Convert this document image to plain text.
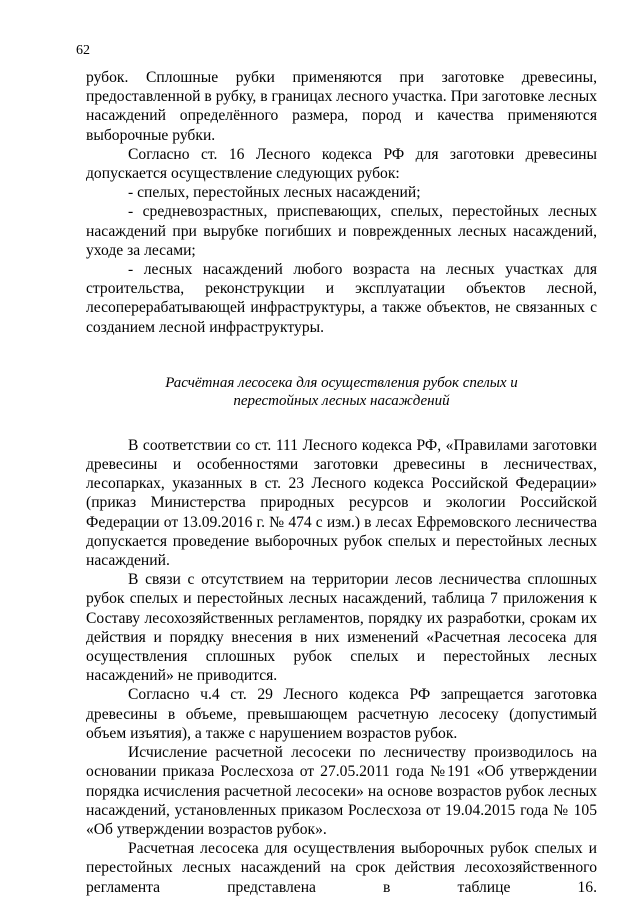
62

рубок. Сплошные рубки применяются при заготовке древесины, предоставленной в рубку, в границах лесного участка. При заготовке лесных насаждений определённого размера, пород и качества применяются выборочные рубки.

Согласно ст. 16 Лесного кодекса РФ для заготовки древесины допускается осуществление следующих рубок:

- спелых, перестойных лесных насаждений;

- средневозрастных, приспевающих, спелых, перестойных лесных насаждений при вырубке погибших и поврежденных лесных насаждений, уходе за лесами;

- лесных насаждений любого возраста на лесных участках для строительства, реконструкции и эксплуатации объектов лесной, лесоперерабатывающей инфраструктуры, а также объектов, не связанных с созданием лесной инфраструктуры.

Расчётная лесосека для осуществления рубок спелых и
перестойных лесных насаждений

В соответствии со ст. 111 Лесного кодекса РФ, «Правилами заготовки древесины и особенностями заготовки древесины в лесничествах, лесопарках, указанных в ст. 23 Лесного кодекса Российской Федерации» (приказ Министерства природных ресурсов и экологии Российской Федерации от 13.09.2016 г. № 474 с изм.) в лесах Ефремовского лесничества допускается проведение выборочных рубок спелых и перестойных лесных насаждений.

В связи с отсутствием на территории лесов лесничества сплошных рубок спелых и перестойных лесных насаждений, таблица 7 приложения к Составу лесохозяйственных регламентов, порядку их разработки, срокам их действия и порядку внесения в них изменений «Расчетная лесосека для осуществления сплошных рубок спелых и перестойных лесных насаждений» не приводится.

Согласно ч.4 ст. 29 Лесного кодекса РФ запрещается заготовка древесины в объеме, превышающем расчетную лесосеку (допустимый объем изъятия), а также с нарушением возрастов рубок.

Исчисление расчетной лесосеки по лесничеству производилось на основании приказа Рослесхоза от 27.05.2011 года №191 «Об утверждении порядка исчисления расчетной лесосеки» на основе возрастов рубок лесных насаждений, установленных приказом Рослесхоза от 19.04.2015 года № 105 «Об утверждении возрастов рубок».

Расчетная лесосека для осуществления выборочных рубок спелых и перестойных лесных насаждений на срок действия лесохозяйственного регламента представлена в таблице 16.
